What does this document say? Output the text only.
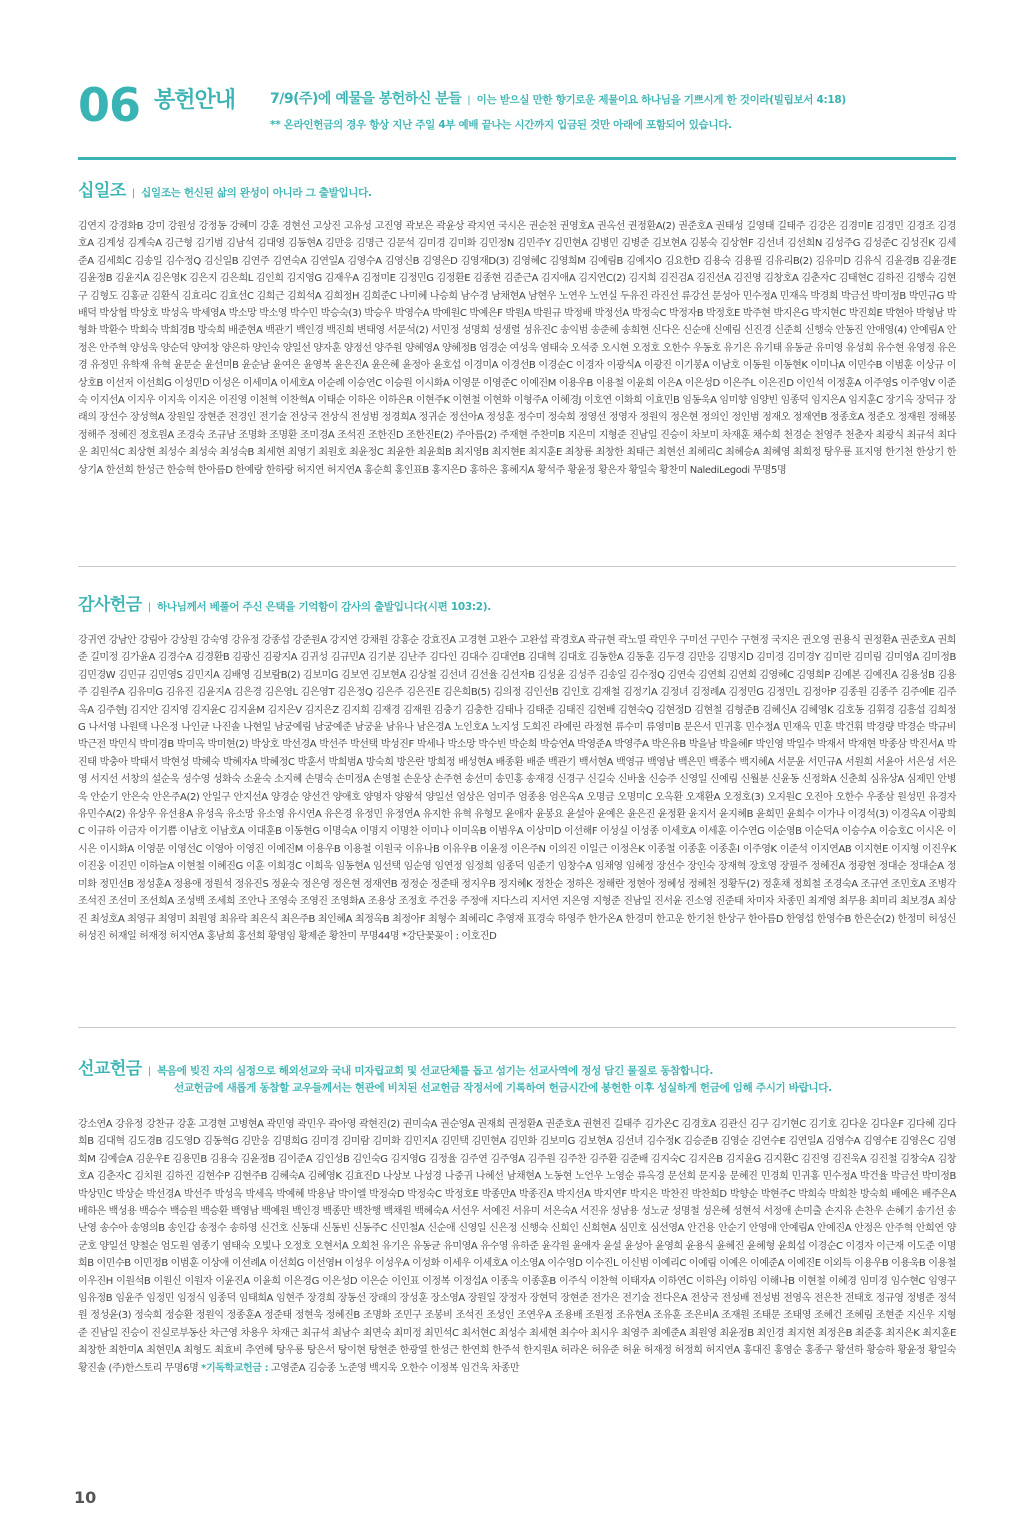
06 봉헌안내 7/9(주)에 예물을 봉헌하신 분들 | 이는 받으실 만한 향기로운 제물이요 하나님을 기쁘시게 한 것이라(빌립보서 4:18)
** 온라인헌금의 경우 항상 지난 주일 4부 예배 끝나는 시간까지 입금된 것만 아래에 포함되어 있습니다.
십일조 | 십일조는 헌신된 삶의 완성이 아니라 그 출발입니다.
김연지 강경화B 강미 강원성 강정동 강혜미 강훈 경현선 고상진 고유성 고진영 곽보은 곽윤상 곽지연 국시은 권순천 권영호A 권옥선 권정환A(2) 권준호A 권태성 길영태 길태주 김강은 김경미E 김경민 김경조 김경호A 김계성 김계숙A 김근형 김기범 김남석 김대영 김동현A 김만응 김명근 김문석 김미경 김미화 김민정N 김민주Y 김민현A 김병민 김병준 김보현A 김봉숙 김상현F 김선녀 김선희N 김성주G 김성준C 김성진K 김세준A 김세희C 김송일 김수정Q 김신일B 김연주 김연숙A 김연일A 김영수A 김영신B 김영은D 김영재D(3) 김영혜C 김영희M 김예림B 김예지O 김요한D 김용숙 김용필 김유리B(2) 김유미D 김유식 김윤경B 김윤경E 김윤정B 김윤지A 김은영K 김은지 김은희L 김인희 김지영G 김재우A 김정미E 김정민G 김정환E 김종현 김준근A 김지애A 김지연C(2) 김지희 김진검A 김진선A 김진영 김창호A 김춘자C 김태현C 김하진 김행숙 김현구 김형도 김홍균 김환식 김효리C 김효선C 김희근 김희석A 김희정H 김희준C 나미혜 나승희 남수경 남채현A 남현우 노연우 노연실 두유진 라진선 류강선 문성아 민수정A 민재옥 박경희 박금선 박미정B 박민규G 박배덕 박상협 박상호 박성옥 박세영A 박소망 박소영 박수민 박승숙(3) 박승우 박영수A 박예원C 박예은F 박원A 박원규 박정배 박정선A 박정숙C 박정자B 박정호E 박주현 박지은G 박지현C 박진희E 박현아 박형남 박형화 박환수 박회숙 박희경B 방숙희 배준현A 백관기 백인경 백진희 변태영 서문석(2) 서민정 성명희 성생렬 성유진C 송익범 송준혜 송희현 신다은 신순애 신예림 신진경 신준희 신행숙 안동진 안애영(4) 안예림A 안정은 안주혁 양성욱 양순덕 양여창 양은하 양인숙 양일선 양자훈 양정선 양주원 양혜영A 양혜정B 엄경순 여성욱 염태숙 오석중 오시현 오정호 오한수 우동호 유기은 유기태 유동균 유미영 유성희 유수현 유영정 유은경 유정민 유학재 유혁 윤문순 윤선미B 윤순남 윤여은 윤영복 윤은진A 윤은혜 윤정아 윤호섭 이경미A 이경선B 이경순C 이경자 이광식A 이광진 이기봉A 이남호 이동원 이동현K 이미나A 이민수B 이범훈 이상규 이상호B 이선저 이선희G 이성민D 이성은 이세미A 이세호A 이순례 이승연C 이승원 이시화A 이영문 이영준C 이예진M 이용우B 이용철 이윤희 이은A 이은성D 이은주L 이은진D 이인석 이정훈A 이주영S 이주영V 이준숙 이지선A 이지우 이지욱 이지은 이진영 이천혁 이찬혁A 이태순 이하은 이하은R 이현주K 이현철 이현화 이형주A 이혜경J 이호연 이화희 이효민B 임동욱A 임미향 임양빈 임종덕 임지은A 임지훈C 장기옥 장덕규 장래의 장선수 장성혁A 장원일 장현준 전경인 전기술 전상국 전상식 전성범 정경희A 정귀순 정선아A 정성훈 정수미 정숙희 정영선 정영자 정원익 정은현 정의인 정인범 정재오 정재연B 정종호A 정준오 정재원 정해봉 정해주 정혜진 정호원A 조경숙 조규남 조명화 조명환 조미경A 조석진 조한진D 조한진E(2) 주아름(2) 주재현 주찬미B 지은미 지형준 진남일 진승이 차보미 차재훈 채수희 천경순 천영주 천춘자 최광식 최규석 최다운 최민석C 최상현 최성수 최성숙 최성숙B 최세현 최영기 최원호 최윤정C 최윤한 최윤희B 최지영B 최지현E 최지훈E 최창룡 최창한 최태근 최현선 최혜리C 최혜승A 최혜영 최희정 탕우룡 표지영 한기천 한상기 한상기A 한선희 한성근 한승혁 한아름D 한예랑 한하랑 허지연 허지연A 홍순희 홍인표B 홍지은D 홍하은 홍혜지A 황석주 황윤정 황은자 황일숙 황찬미 NalediLegodi 무명5명
감사헌금 | 하나님께서 베풀어 주신 은택을 기억함이 감사의 출발입니다(시편 103:2).
강귀연 강남안 강림아 강상원 강숙영 강유정 강종섭 강준원A 강지연 강채원 강홍순 강효진A 고경현 고완수 고완섭 곽경호A 곽규현 곽노열 곽민우 구미선 구민수 구현정 국지은 권오영 권용식 권정환A 권준호A 권희준 길미정 김가윤A 김경수A 김경환B 김광신 김광지A 김귀성 김규민A 김기분 김난주 김다인 김대수 김대연B 김대혁 김대호 김동한A 김동훈 김두경 김만응 김명지D 김미경 김미경Y 김미란 김미림 김미영A 김미정B 김민경W 김민규 김민영S 김민지A 김배영 김보람B(2) 김보미G 김보연 김보현A 김상철 김선녀 김선율 김선자B 김성윤 김성주 김송일 김수정Q 김연숙 김연희 김연희 김영혜C 김영희P 김예본 김예진A 김용성B 김용주 김원주A 김유미G 김유진 김윤지A 김은경 김은영L 김은영T 김은정Q 김은주 김은진E 김은희B(5) 김의정 김인선B 김인호 김재철 김정기A 김정녀 김정례A 김정민G 김정민L 김정아P 김종원 김종주 김주예E 김주옥A 김주현J 김지안 김지영 김지윤C 김지윤M 김지은V 김지은Z 김지희 김재경 김재원 김충기 김충한 김태나 김태준 김태진 김현배 김현숙Q 김현정D 김현철 김형준B 김혜신A 김혜영K 김호동 김휘경 김흥섭 김희정G 나서영 나원택 나은정 나인균 나진솔 나현일 남궁예림 남궁예준 남궁윤 남유나 남은경A 노인호A 노지성 도희진 라예린 라정현 류수미 류영미B 문은서 민귀홍 민수정A 민재옥 민훈 박건휘 박경량 박경순 박규비 박근전 박민식 박미경B 박미옥 박미현(2) 박상호 박선경A 박선주 박선택 박성진F 박세나 박소망 박수빈 박순희 박승연A 박영준A 박영주A 박은유B 박을남 박을혜F 박인영 박일수 박재서 박재현 박종삼 박진서A 박진태 박충아 박태서 박현성 박혜숙 박혜자A 박혜정C 박훈서 박희범A 방숙희 방은란 방희정 배성현A 배종환 배준 백관기 백서현A 백영규 백영남 백은민 백종수 백지혜A 서문윤 서민규A 서원희 서윤아 서은성 서은영 서지선 서창의 설순욱 성수영 성화숙 소윤숙 소지혜 손명숙 손미정A 손영철 손운상 손주현 송선미 송민홍 송재경 신경구 신길숙 신바울 신승주 신영일 신예림 신월분 신윤동 신정화A 신춘희 심유상A 심제민 안병욱 안순기 안은숙 안은주A(2) 안일구 안지선A 양경순 양선건 양애호 양영자 양왕석 양일선 엄상은 엄미주 엄종용 엄은옥A 오명금 오명미C 오옥환 오재환A 오정호(3) 오지원C 오진아 오한수 우종삼 원성민 유경자 유민수A(2) 유상우 유선용A 유성옥 유소망 유소영 유시연A 유은경 유정민 유정연A 유지한 유혁 유형모 윤애자 윤봉요 윤설아 윤예은 윤은진 윤정환 윤지서 윤지혜B 윤희민 윤희수 이가나 이경석(3) 이경옥A 이광희C 이규하 이금자 이기쁨 이남호 이남호A 이대훈B 이동현G 이명숙A 이명지 이명찬 이미나 이미옥B 이범우A 이상미D 이선해F 이성실 이성종 이세호A 이세훈 이수연G 이순영B 이순덕A 이승수A 이승호C 이시온 이시은 이시화A 이영문 이영선C 이영아 이영진 이예진M 이용우B 이용철 이원국 이유나B 이유우B 이윤정 이은주N 이의진 이일근 이정은K 이종철 이종훈 이종훈I 이주영K 이준석 이지연AB 이지현E 이지형 이진우K 이진웅 이진민 이하늘A 이현철 이혜진G 이훈 이희경C 이희욱 임동현A 임선택 임순영 임연정 임정희 임종덕 임준기 임창수A 임채영 임혜정 장선수 장인숙 장재혁 장호영 장필주 정혜진A 정광현 정대순 정대순A 정미화 정민선B 정성훈A 정용애 정원석 정유진S 정윤숙 정은영 정은현 정재연B 정정순 정준태 정지우B 정지혜K 정찬순 정하은 정해란 정현아 정혜성 정혜천 정황두(2) 정훈채 정희철 조경숙A 조규연 조민호A 조병각 조석진 조선미 조선희A 조성백 조세희 조안나 조영숙 조영진 조영화A 조용상 조정호 주건웅 주정애 지다스리 지서연 지은영 지형준 진남일 진서윤 진소영 진준태 차미자 차종민 최계영 최무용 최미리 최보경A 최상진 최성호A 최영규 최영미 최원영 최유락 최은식 최은주B 최인혜A 최정옥B 최정아F 최형수 최혜리C 추영재 표경숙 하영주 한가온A 한경미 한고운 한기천 한상구 한아름D 한영섭 한영수B 한은순(2) 한정미 허성신 허성진 허재일 허재정 허지연A 홍남희 홍선희 황영임 황제준 황찬미 무명44명 *강단꽃꽂이 : 이호진D
선교헌금 | 복음에 빚진 자의 심정으로 해외선교와 국내 미자립교회 및 선교단체를 돕고 섬기는 선교사역에 정성 담긴 물질로 동참합니다.
선교헌금에 새롭게 동참할 교우들께서는 현관에 비치된 선교헌금 작정서에 기록하여 헌금시간에 봉헌한 이후 성실하게 헌금에 임해 주시기 바랍니다.
강소연A 강유정 강찬규 강훈 고경현 고병현A 곽민영 곽민우 곽아영 곽현진(2) 권미숙A 권순영A 권재희 권정환A 권준호A 권현진 길태주 김가온C 김경호A 김관신 김구 김기현C 김기호 김다운 김다운F 김다혜 김다희B 김대혁 김도경B 김도영D 김동혁G 김만응 김명희G 김미경 김미람 김미화 김민지A 김민택 김민현A 김민화 김보미G 김보현A 김선녀 김수정K 김승준B 김영순 김연수E 김연일A 김영수A 김영수E 김영은C 김영희M 김예슬A 김운우E 김용민B 김용숙 김윤정B 김이준A 김인성B 김인숙G 김지영G 김정율 김주연 김주영A 김주원 김주찬 김주환 김준배 김지숙C 김지은B 김지윤G 김지환C 김진영 김진욱A 김진철 김창숙A 김창호A 김춘자C 김치원 김하진 김현수P 김현주B 김혜숙A 김혜영K 김효진D 나상보 나성경 나중귀 나혜선 남채현A 노동현 노언우 노영순 류옥경 문선희 문지웅 문혜진 민경희 민귀홍 민수정A 박건율 박금선 박미정B 박상민C 박상순 박선경A 박선주 박성옥 박세옥 박예혜 박용남 박이엘 박정숙D 박정숙C 박정호E 박종만A 박종진A 박지선A 박지연F 박지은 박찬진 박찬희D 박향순 박현주C 박희숙 박희찬 방숙희 배예은 배주은A 배하은 백성용 백승수 백승원 백승환 백영남 백예원 백인경 백종만 백찬행 백채원 백혜숙A 서선우 서예진 서유미 서은숙A 서진유 성남용 성노균 성명철 성은혜 성현석 서정애 손미출 손지유 손찬우 손혜기 송기선 송난영 송수아 송영의B 송인갑 송정수 송하영 신건호 신동대 신동빈 신동주C 신민철A 신순애 신영일 신은정 신행숙 신희인 신희현A 심민호 심선영A 안건용 안순기 안영애 안예림A 안예진A 안정은 안주혁 안희연 양군호 양일선 양철순 엄도원 염종기 염태숙 오빛나 오정호 오현서A 오희천 유기은 유동균 유미영A 유수영 유하준 윤각원 윤애자 윤설 윤성아 윤영희 윤용식 윤혜진 윤혜형 윤희섭 이경순C 이경자 이근재 이도준 이명희B 이민수B 이민정B 이범훈 이상애 이선례A 이선희G 이선영H 이성우 이성우A 이성화 이세우 이세호A 이소영A 이수영D 이수진L 이신범 이예리C 이예림 이예은 이예준A 이예진E 이외득 이용우B 이용욱B 이용철 이우진H 이원석B 이원신 이원자 이윤진A 이윤희 이은경G 이은성D 이은순 이인표 이정복 이정섭A 이종욱 이종훈B 이주식 이찬혁 이태자A 이하연C 이하은J 이하임 이해나B 이현철 이혜경 임미경 임수현C 임영구 임유정B 임윤주 임정민 임정식 임종덕 임태희A 임현주 장경희 장동선 장래의 장성훈 장소영A 장원일 장정자 장현덕 장현준 전가은 전기술 전다은A 전상국 전성배 전성범 전영옥 전은찬 전태호 정규영 정병준 정석원 정성윤(3) 정숙희 정승환 정원익 정종훈A 정준태 정현욱 정혜진B 조명화 조민구 조봉비 조석진 조성인 조연우A 조용배 조원정 조유현A 조유훈 조은비A 조재원 조태문 조태영 조혜건 조혜림 조현준 지신우 지형준 진남일 진승이 진실로부동산 차근영 차용우 차재근 최규석 최남수 최면숙 최미정 최민석C 최서현C 최성수 최세현 최수아 최시우 최영주 최예준A 최원영 최윤정B 최인경 최지현 최정은B 최준홍 최지은K 최지훈E 최창한 최한미A 최현민A 최형도 최효비 추연혜 탕우룡 탕은서 탕이현 탕현준 한광열 한성근 한연희 한주석 한지원A 허라온 허유준 허윤 허재정 허정희 허지연A 홍대진 홍영순 홍종구 황선하 황승하 황윤정 황일숙 황진솔 (주)한스토리 무명6명 *기독학교헌금 : 고영준A 김승종 노준영 백지욱 오한수 이정복 임건욱 차종만
10
